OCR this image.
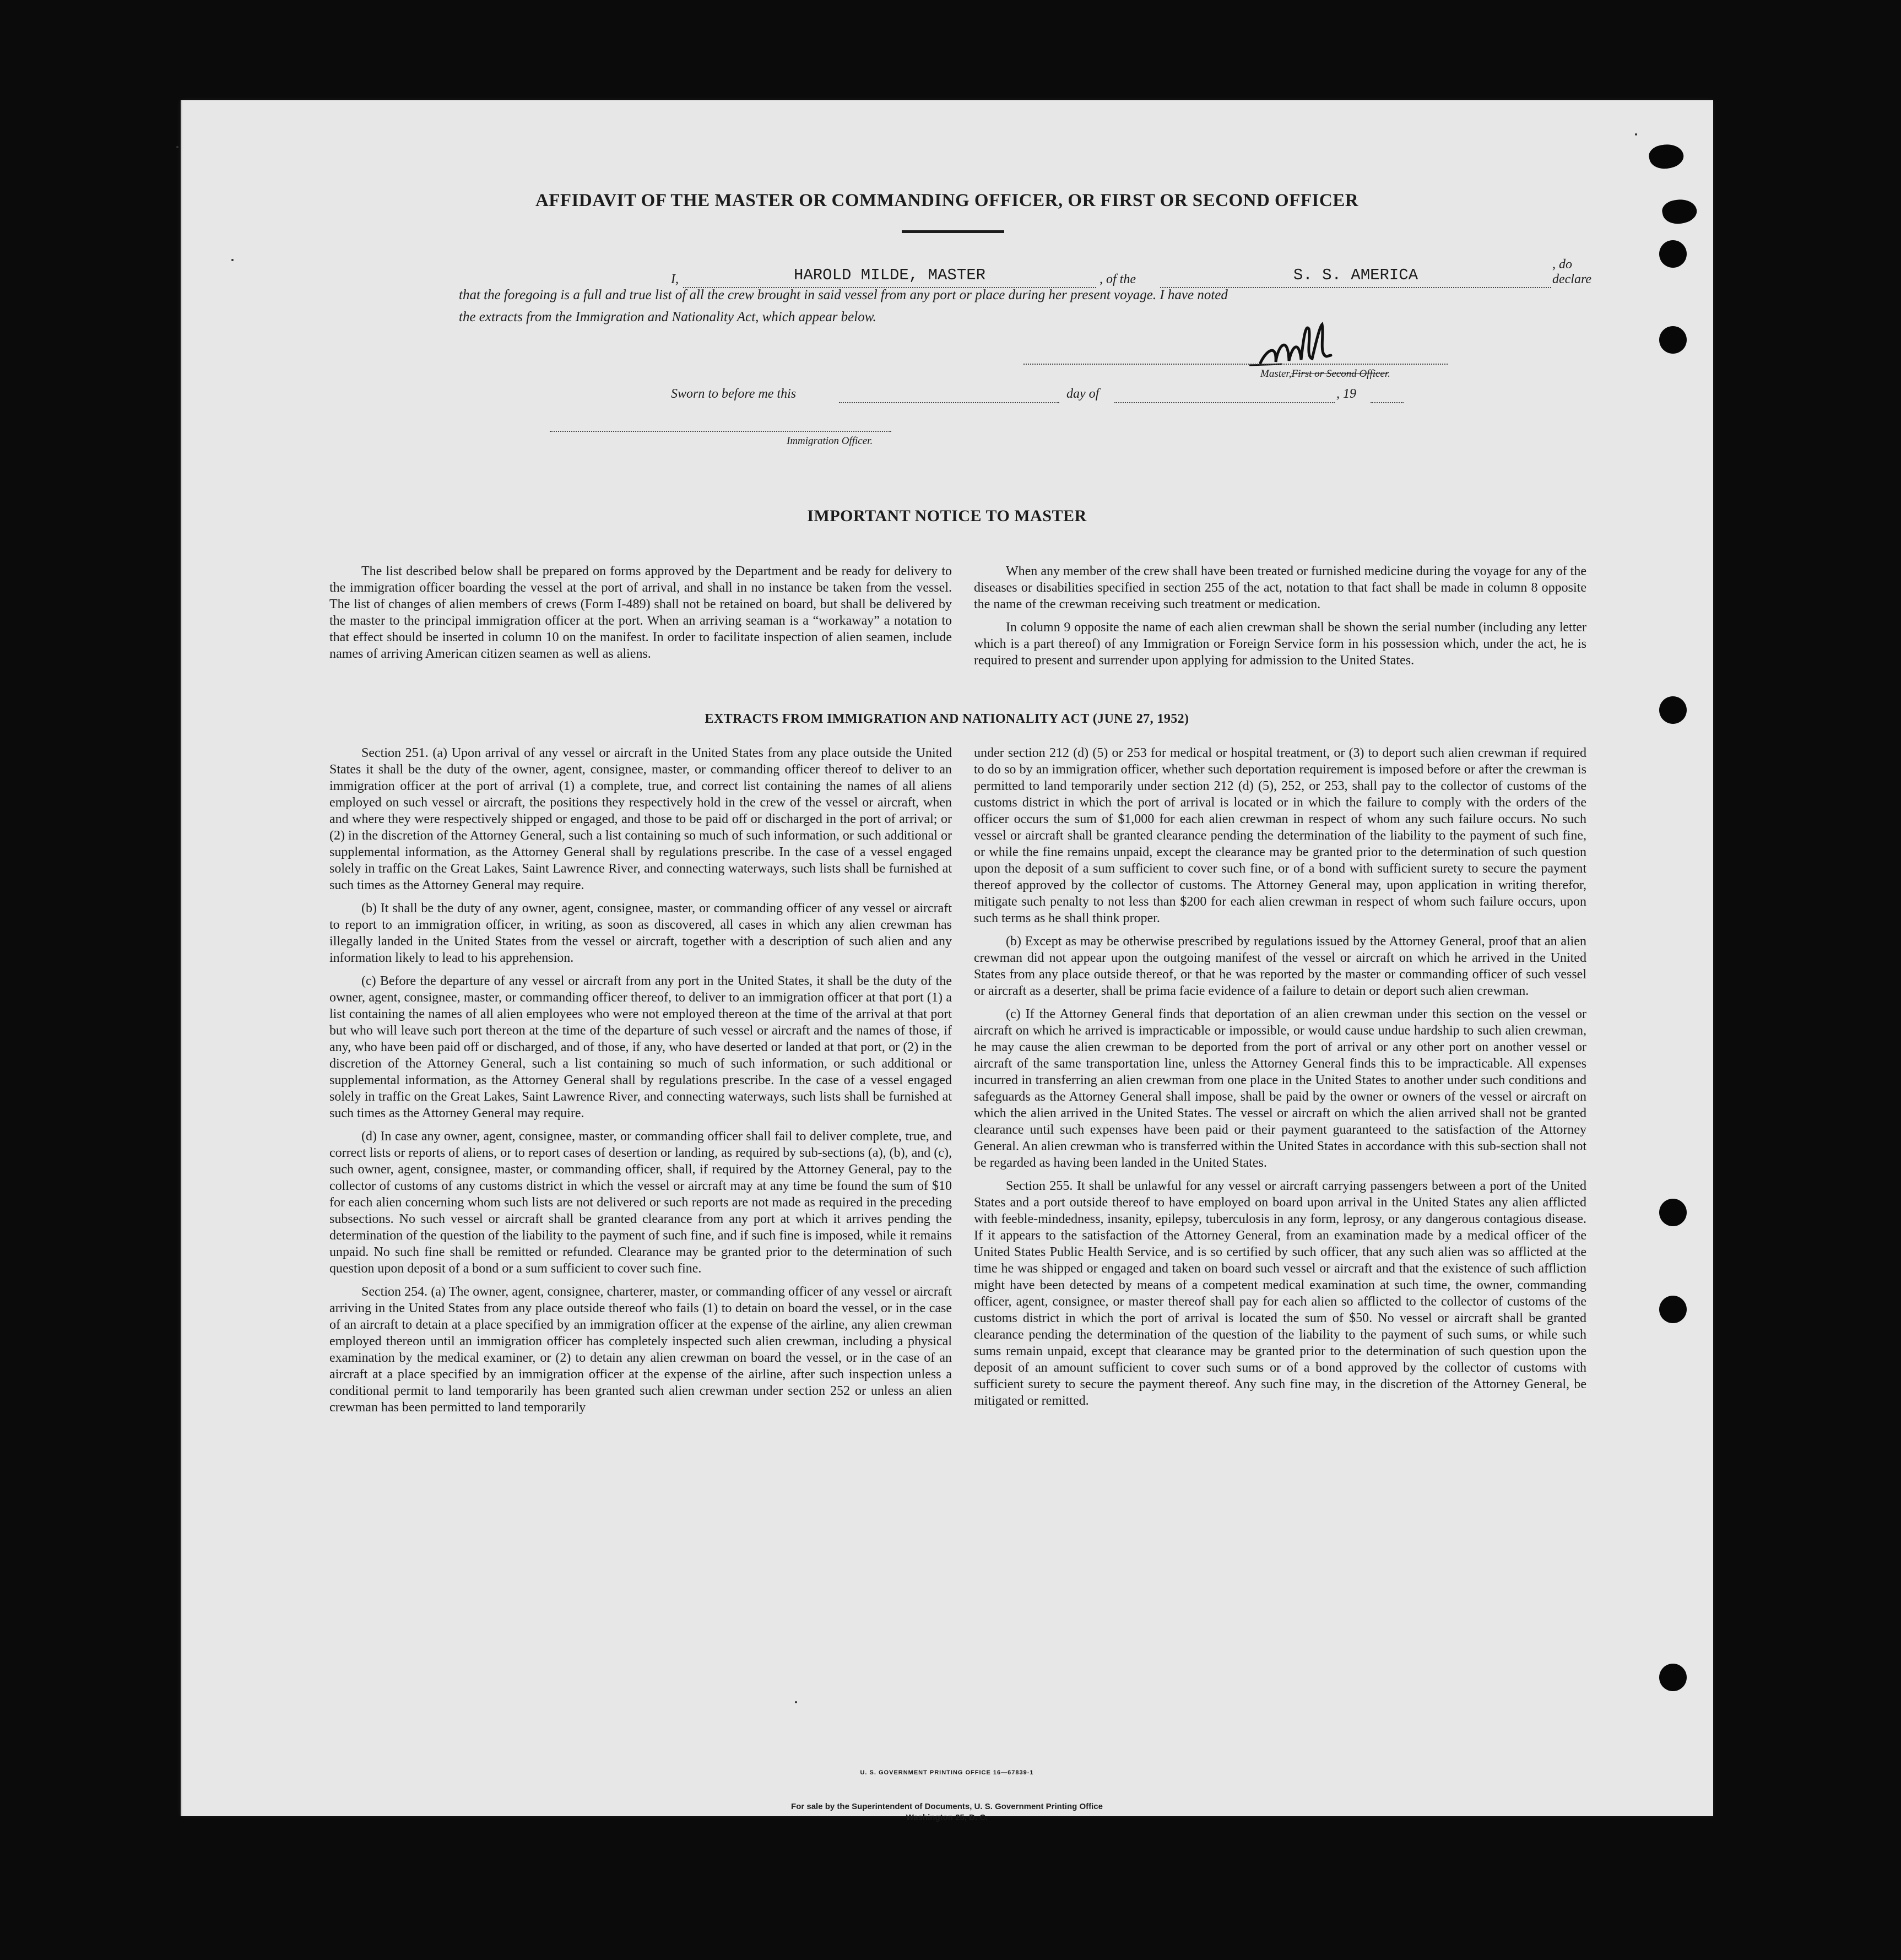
AFFIDAVIT OF THE MASTER OR COMMANDING OFFICER, OR FIRST OR SECOND OFFICER
I,	HAROLD MILDE, MASTER	, of the	S. S. AMERICA
, do declare
that the foregoing is a full and true list of all the crew brought in said vessel from any port or place during her present voyage. I have noted
the extracts from the Immigration and Nationality Act, which appear below.
Master,First or Second Officer.
Sworn to before me this	day of	, 19
Immigration Officer.
IMPORTANT NOTICE TO MASTER

The list described below shall be prepared on forms approved by the Department and be ready for delivery to the immigration officer boarding the vessel at the port of arrival, and shall in no instance be taken from the vessel. The list of changes of alien members of crews (Form I-489) shall not be retained on board, but shall be delivered by the master to the principal immigration officer at the port. When an arriving seaman is a “workaway” a notation to that effect should be inserted in column 10 on the manifest. In order to facilitate inspection of alien seamen, include names of arriving American citizen seamen as well as aliens.

When any member of the crew shall have been treated or furnished medicine during the voyage for any of the diseases or disabilities specified in section 255 of the act, notation to that fact shall be made in column 8 opposite the name of the crewman receiving such treatment or medication.

In column 9 opposite the name of each alien crewman shall be shown the serial number (including any letter which is a part thereof) of any Immigration or Foreign Service form in his possession which, under the act, he is required to present and surrender upon applying for admission to the United States.

EXTRACTS FROM IMMIGRATION AND NATIONALITY ACT (JUNE 27, 1952)

Section 251. (a) Upon arrival of any vessel or aircraft in the United States from any place outside the United States it shall be the duty of the owner, agent, consignee, master, or commanding officer thereof to deliver to an immigration officer at the port of arrival (1) a complete, true, and correct list containing the names of all aliens employed on such vessel or aircraft, the positions they respectively hold in the crew of the vessel or aircraft, when and where they were respectively shipped or engaged, and those to be paid off or discharged in the port of arrival; or (2) in the discretion of the Attorney General, such a list containing so much of such information, or such additional or supplemental information, as the Attorney General shall by regulations prescribe. In the case of a vessel engaged solely in traffic on the Great Lakes, Saint Lawrence River, and connecting waterways, such lists shall be furnished at such times as the Attorney General may require.

(b) It shall be the duty of any owner, agent, consignee, master, or commanding officer of any vessel or aircraft to report to an immigration officer, in writing, as soon as discovered, all cases in which any alien crewman has illegally landed in the United States from the vessel or aircraft, together with a description of such alien and any information likely to lead to his apprehension.

(c) Before the departure of any vessel or aircraft from any port in the United States, it shall be the duty of the owner, agent, consignee, master, or commanding officer thereof, to deliver to an immigration officer at that port (1) a list containing the names of all alien employees who were not employed thereon at the time of the arrival at that port but who will leave such port thereon at the time of the departure of such vessel or aircraft and the names of those, if any, who have been paid off or discharged, and of those, if any, who have deserted or landed at that port, or (2) in the discretion of the Attorney General, such a list containing so much of such information, or such additional or supplemental information, as the Attorney General shall by regulations prescribe. In the case of a vessel engaged solely in traffic on the Great Lakes, Saint Lawrence River, and connecting waterways, such lists shall be furnished at such times as the Attorney General may require.

(d) In case any owner, agent, consignee, master, or commanding officer shall fail to deliver complete, true, and correct lists or reports of aliens, or to report cases of desertion or landing, as required by sub-sections (a), (b), and (c), such owner, agent, consignee, master, or commanding officer, shall, if required by the Attorney General, pay to the collector of customs of any customs district in which the vessel or aircraft may at any time be found the sum of $10 for each alien concerning whom such lists are not delivered or such reports are not made as required in the preceding subsections. No such vessel or aircraft shall be granted clearance from any port at which it arrives pending the determination of the question of the liability to the payment of such fine, and if such fine is imposed, while it remains unpaid. No such fine shall be remitted or refunded. Clearance may be granted prior to the determination of such question upon deposit of a bond or a sum sufficient to cover such fine.

Section 254. (a) The owner, agent, consignee, charterer, master, or commanding officer of any vessel or aircraft arriving in the United States from any place outside thereof who fails (1) to detain on board the vessel, or in the case of an aircraft to detain at a place specified by an immigration officer at the expense of the airline, any alien crewman employed thereon until an immigration officer has completely inspected such alien crewman, including a physical examination by the medical examiner, or (2) to detain any alien crewman on board the vessel, or in the case of an aircraft at a place specified by an immigration officer at the expense of the airline, after such inspection unless a conditional permit to land temporarily has been granted such alien crewman under section 252 or unless an alien crewman has been permitted to land temporarily

under section 212 (d) (5) or 253 for medical or hospital treatment, or (3) to deport such alien crewman if required to do so by an immigration officer, whether such deportation requirement is imposed before or after the crewman is permitted to land temporarily under section 212 (d) (5), 252, or 253, shall pay to the collector of customs of the customs district in which the port of arrival is located or in which the failure to comply with the orders of the officer occurs the sum of $1,000 for each alien crewman in respect of whom any such failure occurs. No such vessel or aircraft shall be granted clearance pending the determination of the liability to the payment of such fine, or while the fine remains unpaid, except the clearance may be granted prior to the determination of such question upon the deposit of a sum sufficient to cover such fine, or of a bond with sufficient surety to secure the payment thereof approved by the collector of customs. The Attorney General may, upon application in writing therefor, mitigate such penalty to not less than $200 for each alien crewman in respect of whom such failure occurs, upon such terms as he shall think proper.

(b) Except as may be otherwise prescribed by regulations issued by the Attorney General, proof that an alien crewman did not appear upon the outgoing manifest of the vessel or aircraft on which he arrived in the United States from any place outside thereof, or that he was reported by the master or commanding officer of such vessel or aircraft as a deserter, shall be prima facie evidence of a failure to detain or deport such alien crewman.

(c) If the Attorney General finds that deportation of an alien crewman under this section on the vessel or aircraft on which he arrived is impracticable or impossible, or would cause undue hardship to such alien crewman, he may cause the alien crewman to be deported from the port of arrival or any other port on another vessel or aircraft of the same transportation line, unless the Attorney General finds this to be impracticable. All expenses incurred in transferring an alien crewman from one place in the United States to another under such conditions and safeguards as the Attorney General shall impose, shall be paid by the owner or owners of the vessel or aircraft on which the alien arrived in the United States. The vessel or aircraft on which the alien arrived shall not be granted clearance until such expenses have been paid or their payment guaranteed to the satisfaction of the Attorney General. An alien crewman who is transferred within the United States in accordance with this sub-section shall not be regarded as having been landed in the United States.

Section 255. It shall be unlawful for any vessel or aircraft carrying passengers between a port of the United States and a port outside thereof to have employed on board upon arrival in the United States any alien afflicted with feeble-mindedness, insanity, epilepsy, tuberculosis in any form, leprosy, or any dangerous contagious disease. If it appears to the satisfaction of the Attorney General, from an examination made by a medical officer of the United States Public Health Service, and is so certified by such officer, that any such alien was so afflicted at the time he was shipped or engaged and taken on board such vessel or aircraft and that the existence of such affliction might have been detected by means of a competent medical examination at such time, the owner, commanding officer, agent, consignee, or master thereof shall pay for each alien so afflicted to the collector of customs of the customs district in which the port of arrival is located the sum of $50. No vessel or aircraft shall be granted clearance pending the determination of the question of the liability to the payment of such sums, or while such sums remain unpaid, except that clearance may be granted prior to the determination of such question upon the deposit of an amount sufficient to cover such sums or of a bond approved by the collector of customs with sufficient surety to secure the payment thereof. Any such fine may, in the discretion of the Attorney General, be mitigated or remitted.

U. S. GOVERNMENT PRINTING OFFICE 16—67839-1
For sale by the Superintendent of Documents, U. S. Government Printing Office
Washington 25, D. C.
